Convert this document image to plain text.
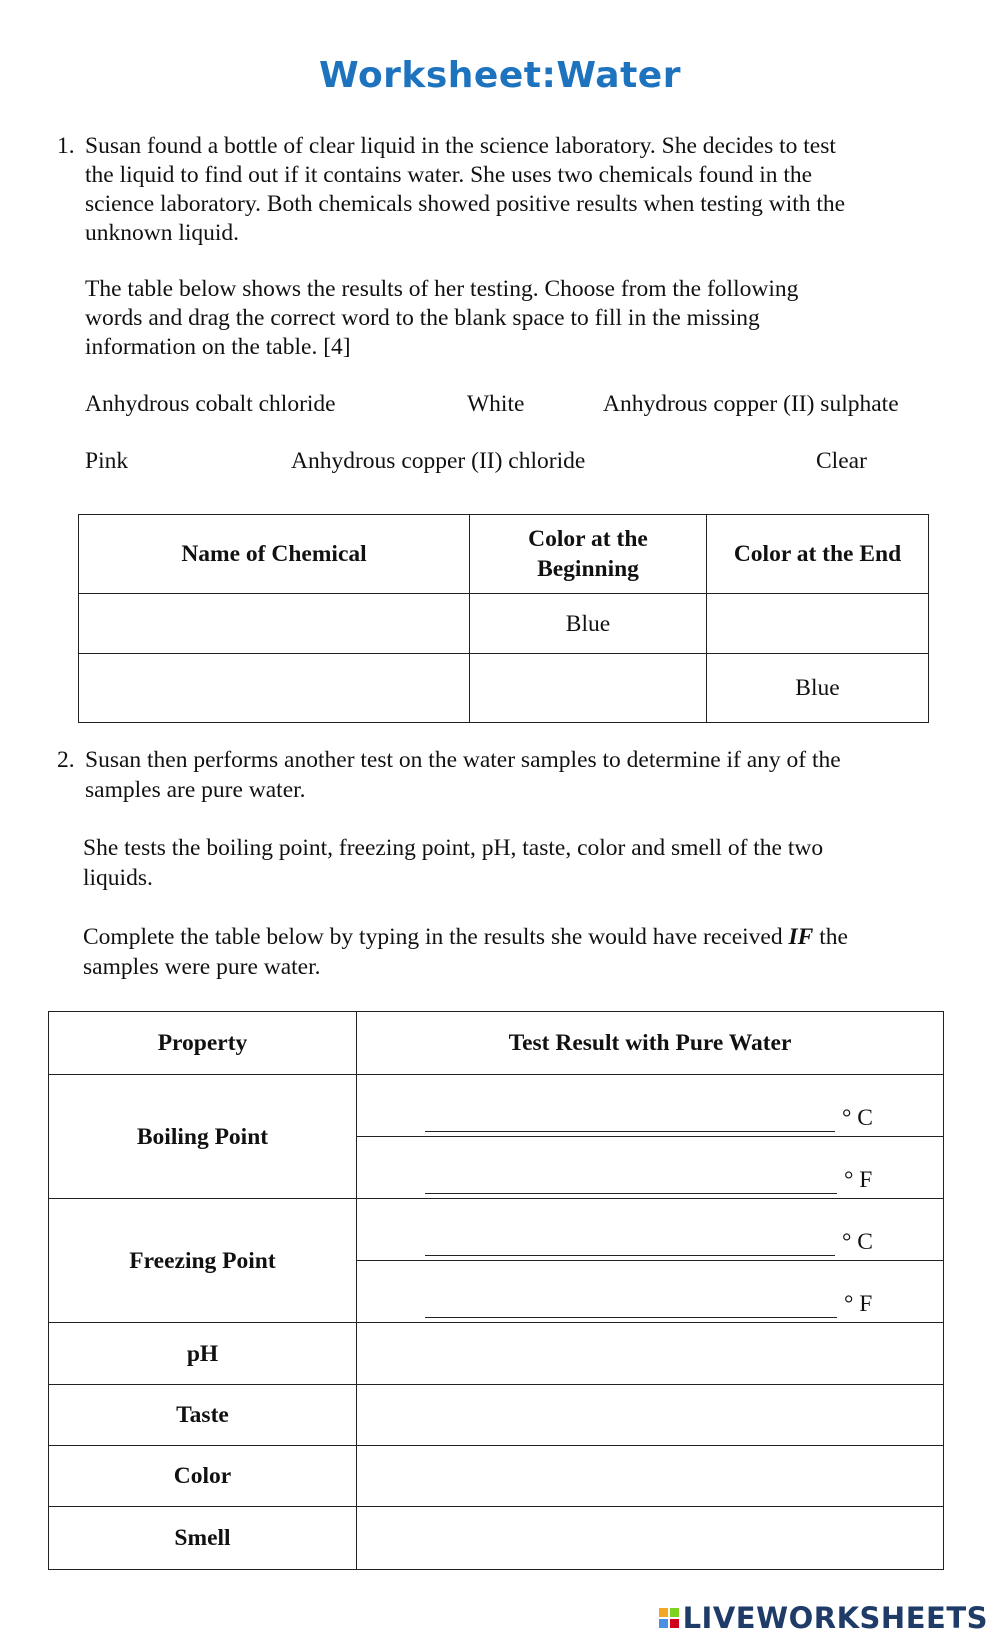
Worksheet:Water
1. Susan found a bottle of clear liquid in the science laboratory. She decides to test
the liquid to find out if it contains water. She uses two chemicals found in the
science laboratory. Both chemicals showed positive results when testing with the
unknown liquid.
The table below shows the results of her testing. Choose from the following
words and drag the correct word to the blank space to fill in the missing
information on the table. [4]
Anhydrous cobalt chloride	White	Anhydrous copper (II) sulphate
Pink	Anhydrous copper (II) chloride	Clear
Name of Chemical	Color at the Beginning	Color at the End
	Blue	
		Blue
2. Susan then performs another test on the water samples to determine if any of the
samples are pure water.
She tests the boiling point, freezing point, pH, taste, color and smell of the two
liquids.
Complete the table below by typing in the results she would have received IF the
samples were pure water.
Property	Test Result with Pure Water
Boiling Point	° C

	° F

Freezing Point	° C

	° F

pH	
Taste	
Color	
Smell	
LIVEWORKSHEETS
